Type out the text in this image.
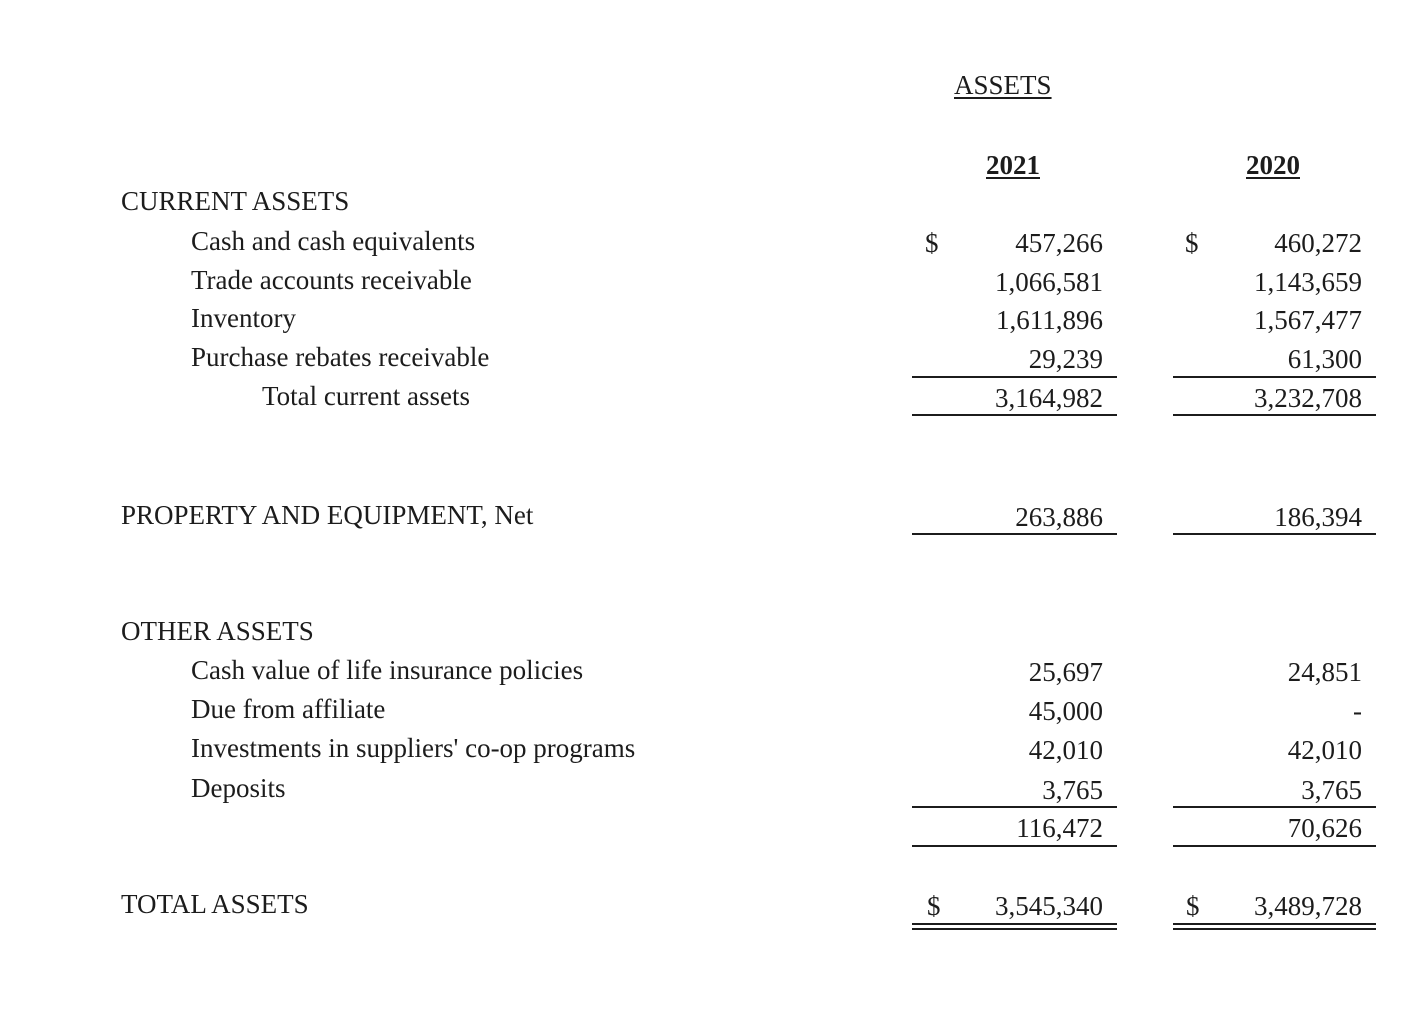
ASSETS
2021	2020
CURRENT ASSETS
Cash and cash equivalents	$	457,266	$	460,272
Trade accounts receivable	1,066,581	1,143,659
Inventory	1,611,896	1,567,477
Purchase rebates receivable	29,239	61,300
Total current assets	3,164,982	3,232,708
PROPERTY AND EQUIPMENT, Net	263,886	186,394
OTHER ASSETS
Cash value of life insurance policies	25,697	24,851
Due from affiliate	45,000	-
Investments in suppliers' co-op programs	42,010	42,010
Deposits	3,765	3,765
116,472	70,626
TOTAL ASSETS	$	3,545,340	$	3,489,728
